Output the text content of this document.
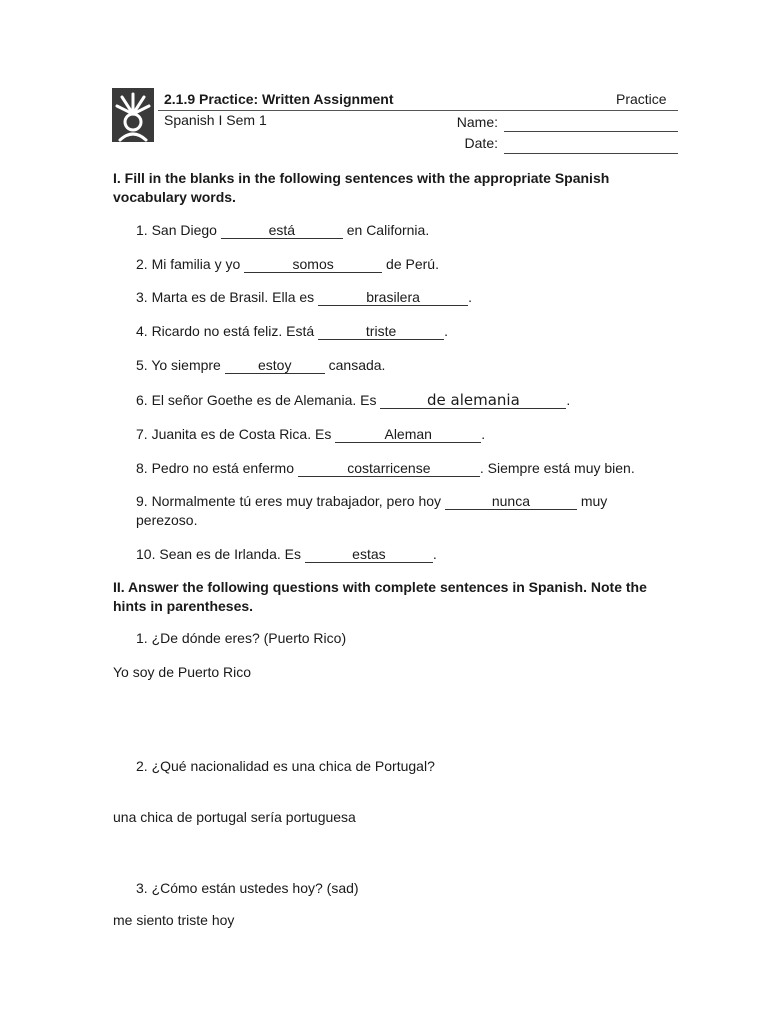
2.1.9 Practice: Written Assignment	Practice
Spanish I Sem 1	Name:
Date:
I. Fill in the blanks in the following sentences with the appropriate Spanish vocabulary words.
1. San Diego	está	en California.
2. Mi familia y yo	somos	de Perú.
3. Marta es de Brasil. Ella es	brasilera	.
4. Ricardo no está feliz. Está	triste	.
5. Yo siempre estoy cansada.
6. El señor Goethe es de Alemania. Es	de alemania	.
7. Juanita es de Costa Rica. Es	Aleman	.
8. Pedro no está enfermo	costarricense	. Siempre está muy bien.
9. Normalmente tú eres muy trabajador, pero hoy	nunca	muy perezoso.
10. Sean es de Irlanda. Es	estas	.
II. Answer the following questions with complete sentences in Spanish. Note the hints in parentheses.
1. ¿De dónde eres? (Puerto Rico)
Yo soy de Puerto Rico
2. ¿Qué nacionalidad es una chica de Portugal?
una chica de portugal sería portuguesa
3. ¿Cómo están ustedes hoy? (sad)
me siento triste hoy
